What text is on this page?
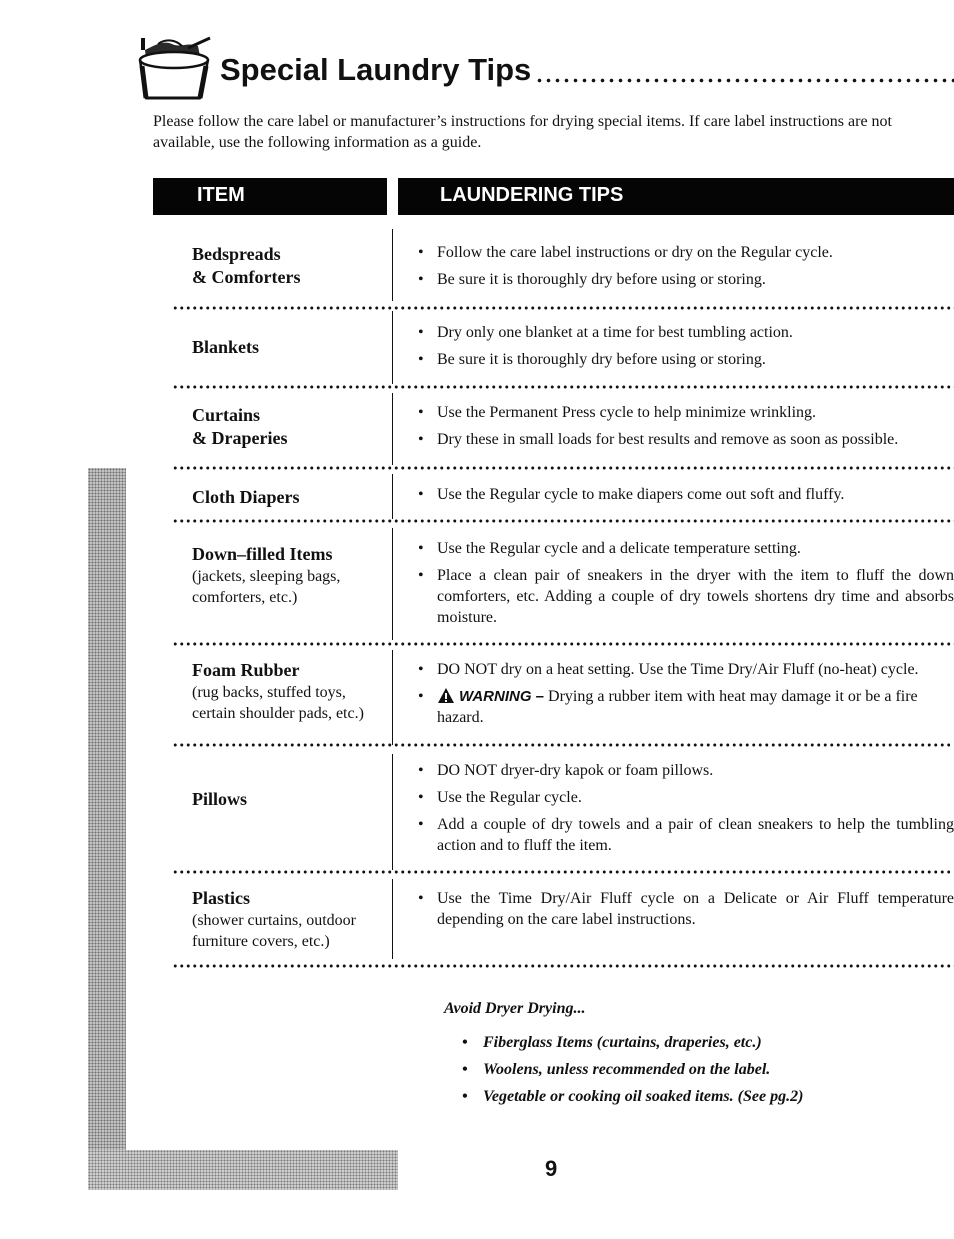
Special Laundry Tips
Please follow the care label or manufacturer’s instructions for drying special items. If care label instructions are not available, use the following information as a guide.
ITEM	LAUNDERING TIPS
Bedspreads
& Comforters
• Follow the care label instructions or dry on the Regular cycle.
• Be sure it is thoroughly dry before using or storing.
Blankets
• Dry only one blanket at a time for best tumbling action.
• Be sure it is thoroughly dry before using or storing.
Curtains
& Draperies
• Use the Permanent Press cycle to help minimize wrinkling.
• Dry these in small loads for best results and remove as soon as possible.
Cloth Diapers	• Use the Regular cycle to make diapers come out soft and fluffy.
Down–filled Items
(jackets, sleeping bags,
comforters, etc.)
• Use the Regular cycle and a delicate temperature setting.
• Place a clean pair of sneakers in the dryer with the item to fluff the down comforters, etc. Adding a couple of dry towels shortens dry time and absorbs moisture.
Foam Rubber
(rug backs, stuffed toys,
certain shoulder pads, etc.)
• DO NOT dry on a heat setting. Use the Time Dry/Air Fluff (no-heat) cycle.
• WARNING – Drying a rubber item with heat may damage it or be a fire hazard.
Pillows
• DO NOT dryer-dry kapok or foam pillows.
• Use the Regular cycle.
• Add a couple of dry towels and a pair of clean sneakers to help the tumbling action and to fluff the item.
Plastics
(shower curtains, outdoor
furniture covers, etc.)
• Use the Time Dry/Air Fluff cycle on a Delicate or Air Fluff temperature depending on the care label instructions.
Avoid Dryer Drying...
• Fiberglass Items (curtains, draperies, etc.)
• Woolens, unless recommended on the label.
• Vegetable or cooking oil soaked items. (See pg.2)
9
